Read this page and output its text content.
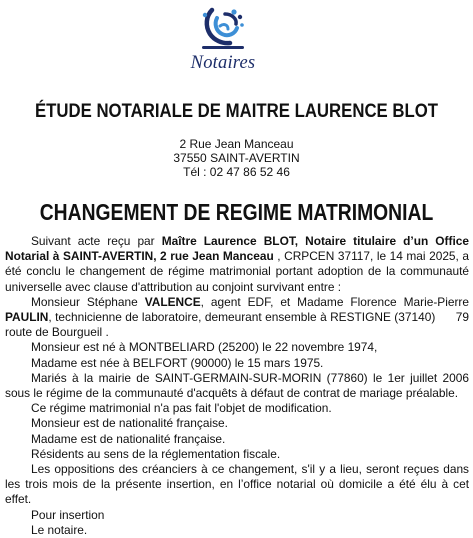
Notaires
ÉTUDE NOTARIALE DE MAITRE LAURENCE BLOT
2 Rue Jean Manceau
37550 SAINT-AVERTIN
Tél : 02 47 86 52 46
CHANGEMENT DE REGIME MATRIMONIAL

Suivant acte reçu par Maître Laurence BLOT, Notaire titulaire d’un Office Notarial à SAINT-AVERTIN, 2 rue Jean Manceau , CRPCEN 37117, le 14 mai 2025, a été conclu le changement de régime matrimonial portant adoption de la communauté universelle avec clause d'attribution au conjoint survivant entre :

Monsieur Stéphane VALENCE, agent EDF, et Madame Florence Marie-Pierre PAULIN, technicienne de laboratoire, demeurant ensemble à RESTIGNE (37140)      79 route de Bourgueil .

Monsieur est né à MONTBELIARD (25200) le 22 novembre 1974,

Madame est née à BELFORT (90000) le 15 mars 1975.

Mariés à la mairie de SAINT-GERMAIN-SUR-MORIN (77860) le 1er juillet 2006 sous le régime de la communauté d'acquêts à défaut de contrat de mariage préalable.

Ce régime matrimonial n'a pas fait l'objet de modification.

Monsieur est de nationalité française.

Madame est de nationalité française.

Résidents au sens de la réglementation fiscale.

Les oppositions des créanciers à ce changement, s'il y a lieu, seront reçues dans les trois mois de la présente insertion, en l’office notarial où domicile a été élu à cet effet.

Pour insertion

Le notaire.
